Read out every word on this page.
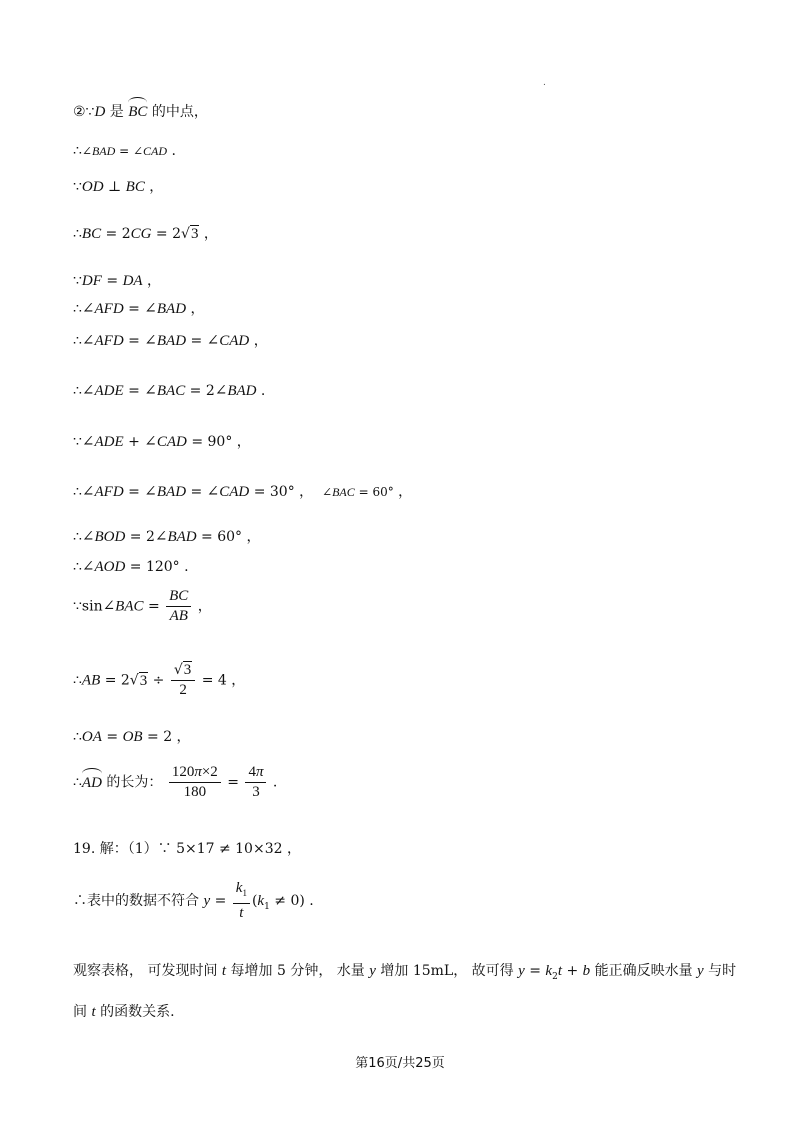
.
②∵D 是 BC 的中点，
∴∠BAD = ∠CAD .
∵OD ⊥ BC ，
∴BC = 2CG = 2√3 ，
∵DF = DA ，
∴∠AFD = ∠BAD ，
∴∠AFD = ∠BAD = ∠CAD ，
∴∠ADE = ∠BAC = 2∠BAD .
∵∠ADE + ∠CAD = 90° ，
∴∠AFD = ∠BAD = ∠CAD = 30° ，  ∠BAC = 60° ，
∴∠BOD = 2∠BAD = 60° ，
∴∠AOD = 120° .
∵sin∠BAC = $\frac{BC}{AB}$ ，
∴AB = $2√3 \div \frac{√3}{2} = 4$ ，
∴OA = OB = 2 ，
∴AD 的长为： $\frac{120\pi\times 2}{180} = \frac{4\pi}{3}$ .
19. 解：（1）∵ 5×17 ≠ 10×32 ，
∴表中的数据不符合 $y = \frac{k_1}{t} (k_1 \ne 0)$ .
观察表格， 可发现时间 t 每增加 5 分钟， 水量 y 增加 15mL， 故可得 $y = k_2t + b$ 能正确反映水量 y 与时
间 t 的函数关系.
第16页/共25页
